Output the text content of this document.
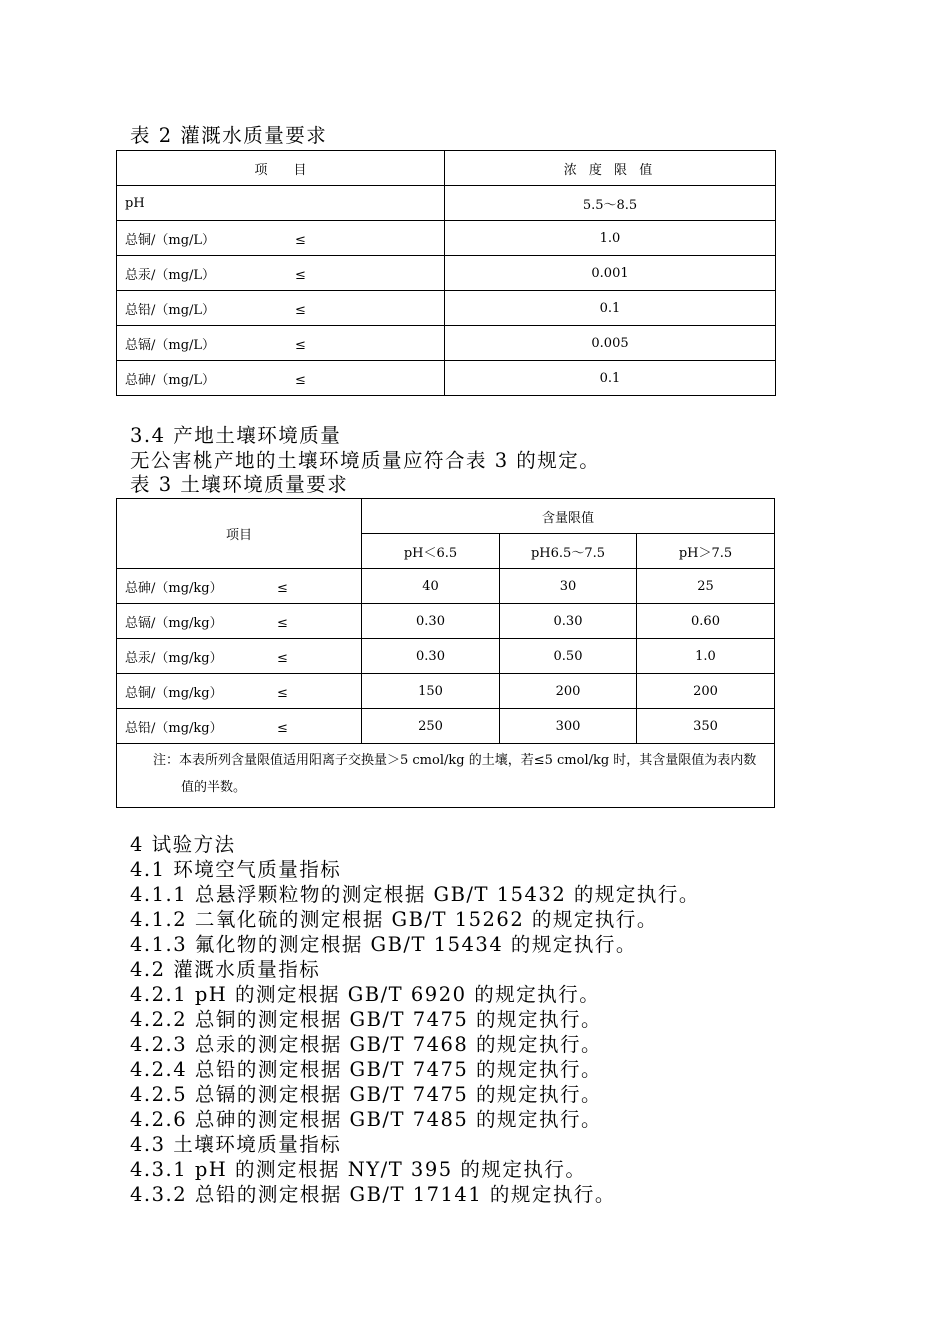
表 2 灌溉水质量要求
项　　目	浓 度 限 值
pH	5.5～8.5
总铜/（mg/L） ≤	1.0
总汞/（mg/L） ≤	0.001
总铅/（mg/L） ≤	0.1
总镉/（mg/L） ≤	0.005
总砷/（mg/L） ≤	0.1
3.4 产地土壤环境质量
无公害桃产地的土壤环境质量应符合表 3 的规定。
表 3 土壤环境质量要求
项目	含量限值		
	pH＜6.5	pH6.5～7.5	pH＞7.5
总砷/（mg/kg） ≤	40	30	25
总镉/（mg/kg） ≤	0.30	0.30	0.60
总汞/（mg/kg） ≤	0.30	0.50	1.0
总铜/（mg/kg） ≤	150	200	200
总铅/（mg/kg） ≤	250	300	350

注：本表所列含量限值适用阳离子交换量＞5 cmol/kg 的土壤，若≤5 cmol/kg 时，其含量限值为表内数值的半数。			
4 试验方法
4.1 环境空气质量指标
4.1.1 总悬浮颗粒物的测定根据 GB/T 15432 的规定执行。
4.1.2 二氧化硫的测定根据 GB/T 15262 的规定执行。
4.1.3 氟化物的测定根据 GB/T 15434 的规定执行。
4.2 灌溉水质量指标
4.2.1 pH 的测定根据 GB/T 6920 的规定执行。
4.2.2 总铜的测定根据 GB/T 7475 的规定执行。
4.2.3 总汞的测定根据 GB/T 7468 的规定执行。
4.2.4 总铅的测定根据 GB/T 7475 的规定执行。
4.2.5 总镉的测定根据 GB/T 7475 的规定执行。
4.2.6 总砷的测定根据 GB/T 7485 的规定执行。
4.3 土壤环境质量指标
4.3.1 pH 的测定根据 NY/T 395 的规定执行。
4.3.2 总铅的测定根据 GB/T 17141 的规定执行。
